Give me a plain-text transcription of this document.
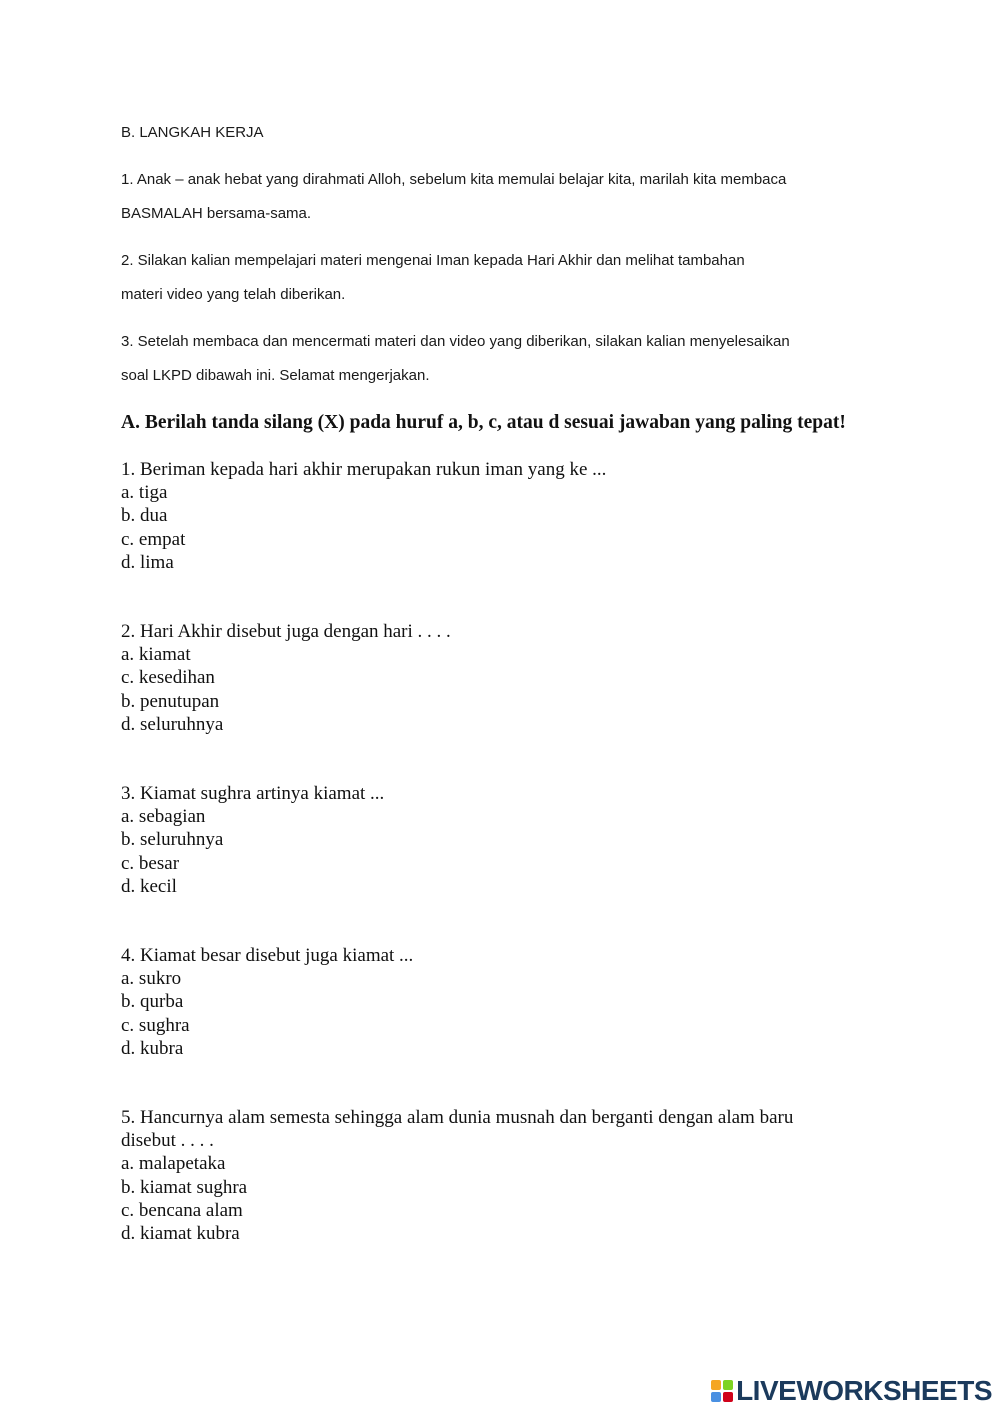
B. LANGKAH KERJA

1. Anak – anak hebat yang dirahmati Alloh, sebelum kita memulai belajar kita, marilah kita membaca
BASMALAH bersama-sama.
2. Silakan kalian mempelajari materi mengenai Iman kepada Hari Akhir dan melihat tambahan
materi video yang telah diberikan.
3. Setelah membaca dan mencermati materi dan video yang diberikan, silakan kalian menyelesaikan
soal LKPD dibawah ini. Selamat mengerjakan.
A. Berilah tanda silang (X) pada huruf a, b, c, atau d sesuai jawaban yang paling tepat!
1. Beriman kepada hari akhir merupakan rukun iman yang ke ...
a. tiga
b. dua
c. empat
d. lima
2. Hari Akhir disebut juga dengan hari . . . .
a. kiamat
c. kesedihan
b. penutupan
d. seluruhnya
3. Kiamat sughra artinya kiamat ...
a. sebagian
b. seluruhnya
c. besar
d. kecil
4. Kiamat besar disebut juga kiamat ...
a. sukro
b. qurba
c. sughra
d. kubra
5. Hancurnya alam semesta sehingga alam dunia musnah dan berganti dengan alam baru
disebut . . . .
a. malapetaka
b. kiamat sughra
c. bencana alam
d. kiamat kubra
LIVEWORKSHEETS
